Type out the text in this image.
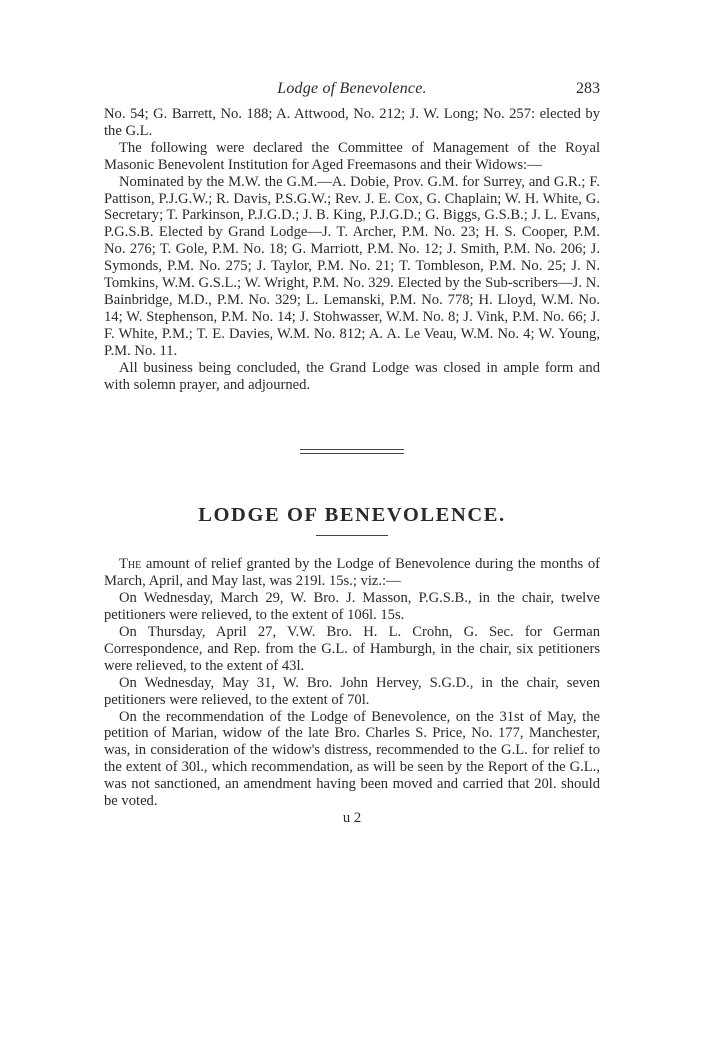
Lodge of Benevolence.	283

No. 54; G. Barrett, No. 188; A. Attwood, No. 212; J. W. Long; No. 257: elected by the G.L.

The following were declared the Committee of Management of the Royal Masonic Benevolent Institution for Aged Freemasons and their Widows:—

Nominated by the M.W. the G.M.—A. Dobie, Prov. G.M. for Surrey, and G.R.; F. Pattison, P.J.G.W.; R. Davis, P.S.G.W.; Rev. J. E. Cox, G. Chaplain; W. H. White, G. Secretary; T. Parkinson, P.J.G.D.; J. B. King, P.J.G.D.; G. Biggs, G.S.B.; J. L. Evans, P.G.S.B. Elected by Grand Lodge—J. T. Archer, P.M. No. 23; H. S. Cooper, P.M. No. 276; T. Gole, P.M. No. 18; G. Marriott, P.M. No. 12; J. Smith, P.M. No. 206; J. Symonds, P.M. No. 275; J. Taylor, P.M. No. 21; T. Tombleson, P.M. No. 25; J. N. Tomkins, W.M. G.S.L.; W. Wright, P.M. No. 329. Elected by the Sub-scribers—J. N. Bainbridge, M.D., P.M. No. 329; L. Lemanski, P.M. No. 778; H. Lloyd, W.M. No. 14; W. Stephenson, P.M. No. 14; J. Stohwasser, W.M. No. 8; J. Vink, P.M. No. 66; J. F. White, P.M.; T. E. Davies, W.M. No. 812; A. A. Le Veau, W.M. No. 4; W. Young, P.M. No. 11.

All business being concluded, the Grand Lodge was closed in ample form and with solemn prayer, and adjourned.

LODGE OF BENEVOLENCE.

The amount of relief granted by the Lodge of Benevolence during the months of March, April, and May last, was 219l. 15s.; viz.:—

On Wednesday, March 29, W. Bro. J. Masson, P.G.S.B., in the chair, twelve petitioners were relieved, to the extent of 106l. 15s.

On Thursday, April 27, V.W. Bro. H. L. Crohn, G. Sec. for German Correspondence, and Rep. from the G.L. of Hamburgh, in the chair, six petitioners were relieved, to the extent of 43l.

On Wednesday, May 31, W. Bro. John Hervey, S.G.D., in the chair, seven petitioners were relieved, to the extent of 70l.

On the recommendation of the Lodge of Benevolence, on the 31st of May, the petition of Marian, widow of the late Bro. Charles S. Price, No. 177, Manchester, was, in consideration of the widow's distress, recommended to the G.L. for relief to the extent of 30l., which recommendation, as will be seen by the Report of the G.L., was not sanctioned, an amendment having been moved and carried that 20l. should be voted.

u 2
